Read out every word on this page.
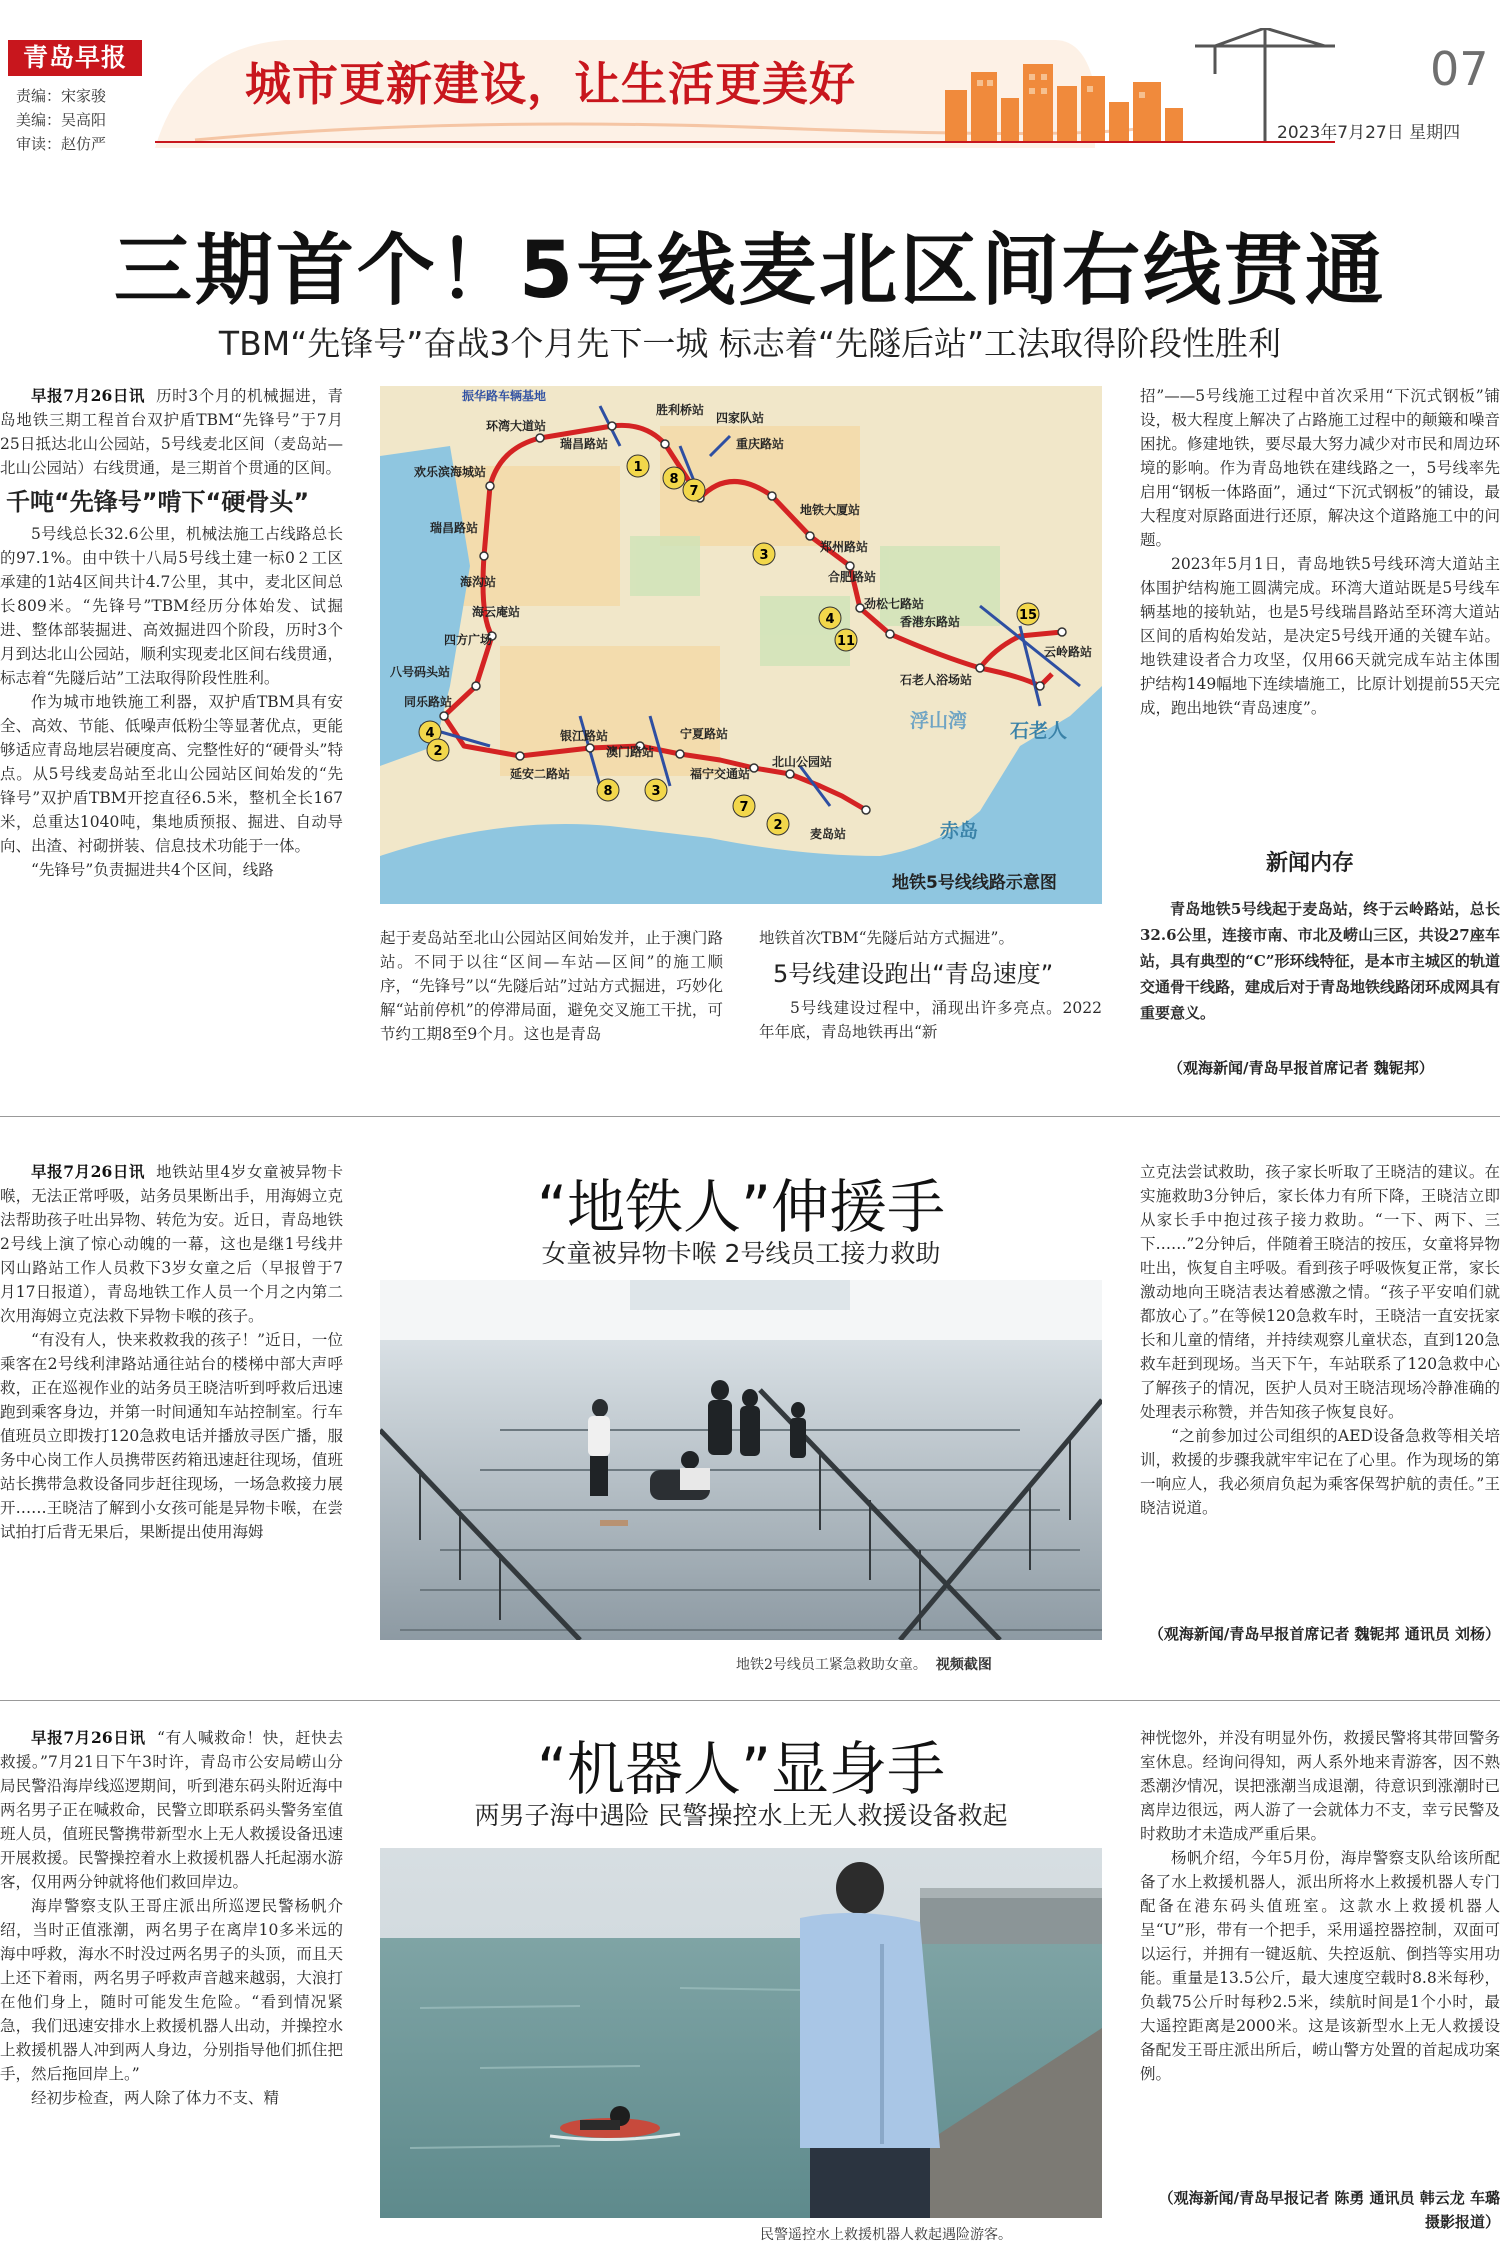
青岛早报
责编：宋家骏
美编：吴高阳
审读：赵仿严
城市更新建设，让生活更美好	07
2023年7月27日 星期四
三期首个！5号线麦北区间右线贯通
TBM“先锋号”奋战3个月先下一城 标志着“先隧后站”工法取得阶段性胜利

早报7月26日讯 历时3个月的机械掘进，青岛地铁三期工程首台双护盾TBM“先锋号”于7月25日抵达北山公园站，5号线麦北区间（麦岛站—北山公园站）右线贯通，是三期首个贯通的区间。

千吨“先锋号”啃下“硬骨头”

5号线总长32.6公里，机械法施工占线路总长的97.1%。由中铁十八局5号线土建一标0２工区承建的1站4区间共计4.7公里，其中，麦北区间总长809米。“先锋号”TBM经历分体始发、试掘进、整体部装掘进、高效掘进四个阶段，历时3个月到达北山公园站，顺利实现麦北区间右线贯通，标志着“先隧后站”工法取得阶段性胜利。

作为城市地铁施工利器，双护盾TBM具有安全、高效、节能、低噪声低粉尘等显著优点，更能够适应青岛地层岩硬度高、完整性好的“硬骨头”特点。从5号线麦岛站至北山公园站区间始发的“先锋号”双护盾TBM开挖直径6.5米，整机全长167米，总重达1040吨，集地质预报、掘进、自动导向、出渣、衬砌拼装、信息技术功能于一体。

“先锋号”负责掘进共4个区间，线路

1
8
7
3
4
11
15
4
2
8	3
7
2
振华路车辆基地
胜利桥站
环湾大道站
瑞昌路站
四家队站
欢乐滨海城站
重庆路站
地铁大厦站
瑞昌路站
郑州路站
海沟站	合肥路站
海云庵站
劲松七路站
四方广场
香港东路站
八号码头站
云岭路站
石老人浴场站
同乐路站
银江路站	宁夏路站
澳门路站
延安二路站	福宁交通站
北山公园站
麦岛站
石老人
浮山湾
赤岛
地铁5号线线路示意图

起于麦岛站至北山公园站区间始发并，止于澳门路站。不同于以往“区间—车站—区间”的施工顺序，“先锋号”以“先隧后站”过站方式掘进，巧妙化解“站前停机”的停滞局面，避免交叉施工干扰，可节约工期8至9个月。这也是青岛

地铁首次TBM“先隧后站方式掘进”。

5号线建设跑出“青岛速度”

5号线建设过程中，涌现出许多亮点。2022年年底，青岛地铁再出“新

招”——5号线施工过程中首次采用“下沉式钢板”铺设，极大程度上解决了占路施工过程中的颠簸和噪音困扰。修建地铁，要尽最大努力减少对市民和周边环境的影响。作为青岛地铁在建线路之一，5号线率先启用“钢板一体路面”，通过“下沉式钢板”的铺设，最大程度对原路面进行还原，解决这个道路施工中的问题。

2023年5月1日，青岛地铁5号线环湾大道站主体围护结构施工圆满完成。环湾大道站既是5号线车辆基地的接轨站，也是5号线瑞昌路站至环湾大道站区间的盾构始发站，是决定5号线开通的关键车站。地铁建设者合力攻坚，仅用66天就完成车站主体围护结构149幅地下连续墙施工，比原计划提前55天完成，跑出地铁“青岛速度”。

新闻内存

青岛地铁5号线起于麦岛站，终于云岭路站，总长32.6公里，连接市南、市北及崂山三区，共设27座车站，具有典型的“C”形环线特征，是本市主城区的轨道交通骨干线路，建成后对于青岛地铁线路闭环成网具有重要意义。

（观海新闻/青岛早报首席记者 魏铌邦）
“地铁人”伸援手
女童被异物卡喉 2号线员工接力救助

早报7月26日讯 地铁站里4岁女童被异物卡喉，无法正常呼吸，站务员果断出手，用海姆立克法帮助孩子吐出异物、转危为安。近日，青岛地铁2号线上演了惊心动魄的一幕，这也是继1号线井冈山路站工作人员救下3岁女童之后（早报曾于7月17日报道），青岛地铁工作人员一个月之内第二次用海姆立克法救下异物卡喉的孩子。

“有没有人，快来救救我的孩子！”近日，一位乘客在2号线利津路站通往站台的楼梯中部大声呼救，正在巡视作业的站务员王晓洁听到呼救后迅速跑到乘客身边，并第一时间通知车站控制室。行车值班员立即拨打120急救电话并播放寻医广播，服务中心岗工作人员携带医药箱迅速赶往现场，值班站长携带急救设备同步赶往现场，一场急救接力展开……王晓洁了解到小女孩可能是异物卡喉，在尝试拍打后背无果后，果断提出使用海姆

地铁2号线员工紧急救助女童。 视频截图

立克法尝试救助，孩子家长听取了王晓洁的建议。在实施救助3分钟后，家长体力有所下降，王晓洁立即从家长手中抱过孩子接力救助。“一下、两下、三下……”2分钟后，伴随着王晓洁的按压，女童将异物吐出，恢复自主呼吸。看到孩子呼吸恢复正常，家长激动地向王晓洁表达着感激之情。“孩子平安咱们就都放心了。”在等候120急救车时，王晓洁一直安抚家长和儿童的情绪，并持续观察儿童状态，直到120急救车赶到现场。当天下午，车站联系了120急救中心了解孩子的情况，医护人员对王晓洁现场冷静准确的处理表示称赞，并告知孩子恢复良好。

“之前参加过公司组织的AED设备急救等相关培训，救援的步骤我就牢牢记在了心里。作为现场的第一响应人，我必须肩负起为乘客保驾护航的责任。”王晓洁说道。

（观海新闻/青岛早报首席记者 魏铌邦 通讯员 刘杨）
“机器人”显身手
两男子海中遇险 民警操控水上无人救援设备救起

早报7月26日讯 “有人喊救命！快，赶快去救援。”7月21日下午3时许，青岛市公安局崂山分局民警沿海岸线巡逻期间，听到港东码头附近海中两名男子正在喊救命，民警立即联系码头警务室值班人员，值班民警携带新型水上无人救援设备迅速开展救援。民警操控着水上救援机器人托起溺水游客，仅用两分钟就将他们救回岸边。

海岸警察支队王哥庄派出所巡逻民警杨帆介绍，当时正值涨潮，两名男子在离岸10多米远的海中呼救，海水不时没过两名男子的头顶，而且天上还下着雨，两名男子呼救声音越来越弱，大浪打在他们身上，随时可能发生危险。“看到情况紧急，我们迅速安排水上救援机器人出动，并操控水上救援机器人冲到两人身边，分别指导他们抓住把手，然后拖回岸上。”

经初步检查，两人除了体力不支、精

民警遥控水上救援机器人救起遇险游客。

神恍惚外，并没有明显外伤，救援民警将其带回警务室休息。经询问得知，两人系外地来青游客，因不熟悉潮汐情况，误把涨潮当成退潮，待意识到涨潮时已离岸边很远，两人游了一会就体力不支，幸亏民警及时救助才未造成严重后果。

杨帆介绍，今年5月份，海岸警察支队给该所配备了水上救援机器人，派出所将水上救援机器人专门配备在港东码头值班室。这款水上救援机器人呈“U”形，带有一个把手，采用遥控器控制，双面可以运行，并拥有一键返航、失控返航、倒挡等实用功能。重量是13.5公斤，最大速度空载时8.8米每秒，负载75公斤时每秒2.5米，续航时间是1个小时，最大遥控距离是2000米。这是该新型水上无人救援设备配发王哥庄派出所后，崂山警方处置的首起成功案例。

（观海新闻/青岛早报记者 陈勇 通讯员 韩云龙 车璐 摄影报道）
